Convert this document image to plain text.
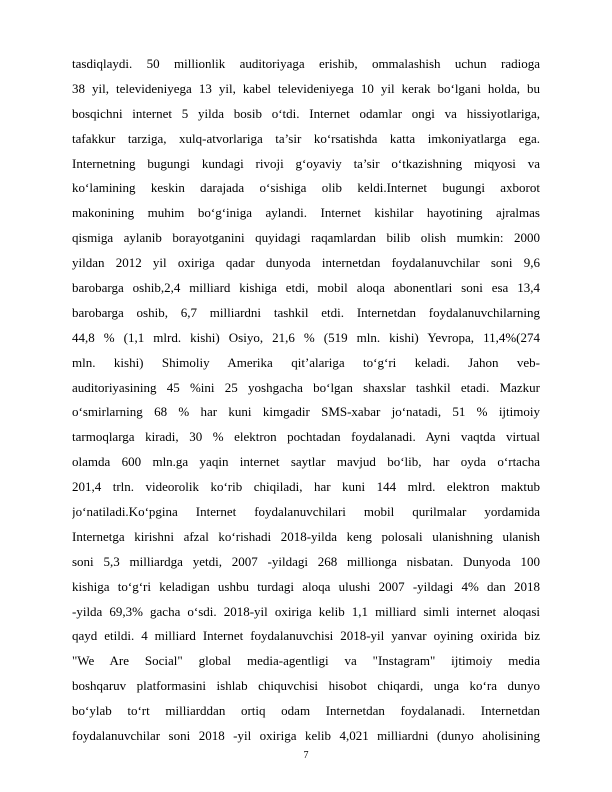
tasdiqlaydi. 50 millionlik auditoriyaga erishib, ommalashish uchun radioga
38 yil, televideniyega 13 yil, kabel televideniyega 10 yil kerak bo‘lgani holda, bu
bosqichni internet 5 yilda bosib o‘tdi. Internet odamlar ongi va hissiyotlariga,
tafakkur tarziga, xulq-atvorlariga ta’sir ko‘rsatishda katta imkoniyatlarga ega.
Internetning bugungi kundagi rivoji g‘oyaviy ta’sir o‘tkazishning miqyosi va
ko‘lamining keskin darajada o‘sishiga olib keldi.Internet bugungi axborot
makonining muhim bo‘g‘iniga aylandi. Internet kishilar hayotining ajralmas
qismiga aylanib borayotganini quyidagi raqamlardan bilib olish mumkin: 2000
yildan 2012 yil oxiriga qadar dunyoda internetdan foydalanuvchilar soni 9,6
barobarga oshib,2,4 milliard kishiga etdi, mobil aloqa abonentlari soni esa 13,4
barobarga oshib, 6,7 milliardni tashkil etdi. Internetdan foydalanuvchilarning
44,8 % (1,1 mlrd. kishi) Osiyo, 21,6 % (519 mln. kishi) Yevropa, 11,4%(274
mln. kishi) Shimoliy Amerika qit’alariga to‘g‘ri keladi. Jahon veb-
auditoriyasining 45 %ini 25 yoshgacha bo‘lgan shaxslar tashkil etadi. Mazkur
o‘smirlarning 68 % har kuni kimgadir SMS-xabar jo‘natadi, 51 % ijtimoiy
tarmoqlarga kiradi, 30 % elektron pochtadan foydalanadi. Ayni vaqtda virtual
olamda 600 mln.ga yaqin internet saytlar mavjud bo‘lib, har oyda o‘rtacha
201,4 trln. videorolik ko‘rib chiqiladi, har kuni 144 mlrd. elektron maktub
jo‘natiladi.Ko‘pgina Internet foydalanuvchilari mobil qurilmalar yordamida
Internetga kirishni afzal ko‘rishadi 2018-yilda keng polosali ulanishning ulanish
soni 5,3 milliardga yetdi, 2007 -yildagi 268 millionga nisbatan. Dunyoda 100
kishiga to‘g‘ri keladigan ushbu turdagi aloqa ulushi 2007 -yildagi 4% dan 2018
-yilda 69,3% gacha o‘sdi. 2018-yil oxiriga kelib 1,1 milliard simli internet aloqasi
qayd etildi. 4 milliard Internet foydalanuvchisi 2018-yil yanvar oyining oxirida biz
"We Are Social" global media-agentligi va "Instagram" ijtimoiy media
boshqaruv platformasini ishlab chiquvchisi hisobot chiqardi, unga ko‘ra dunyo
bo‘ylab to‘rt milliarddan ortiq odam Internetdan foydalanadi. Internetdan
foydalanuvchilar soni 2018 -yil oxiriga kelib 4,021 milliardni (dunyo aholisining
7
